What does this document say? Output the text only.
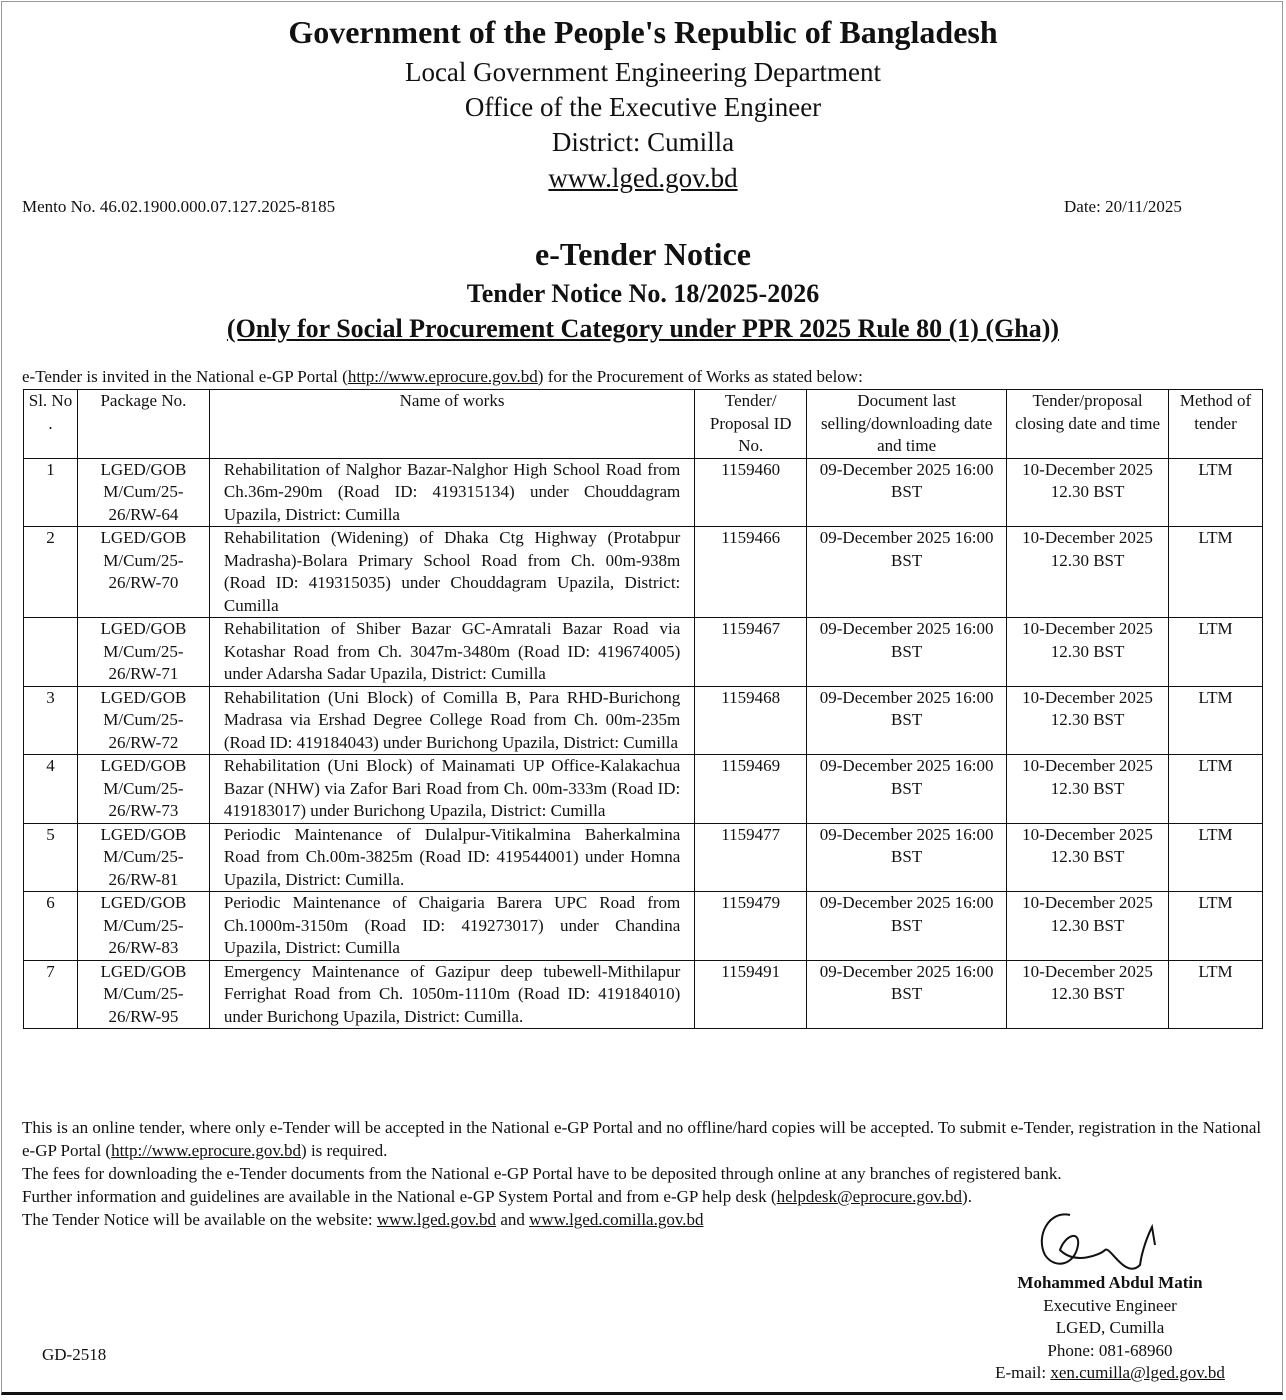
Government of the People's Republic of Bangladesh
Local Government Engineering Department
Office of the Executive Engineer
District: Cumilla
www.lged.gov.bd
Mento No. 46.02.1900.000.07.127.2025-8185	Date: 20/11/2025
e-Tender Notice
Tender Notice No. 18/2025-2026
(Only for Social Procurement Category under PPR 2025 Rule 80 (1) (Gha))
e-Tender is invited in the National e-GP Portal (http://www.eprocure.gov.bd) for the Procurement of Works as stated below:
Sl. No .	Package No.	Name of works	Tender/ Proposal ID No.	Document last selling/downloading date and time	Tender/proposal closing date and time	Method of tender
1	LGED/GOB M/Cum/25-26/RW-64	Rehabilitation of Nalghor Bazar-Nalghor High School Road from Ch.36m-290m (Road ID: 419315134) under Chouddagram Upazila, District: Cumilla	1159460	09-December 2025 16:00 BST	10-December 2025 12.30 BST	LTM
2	LGED/GOB M/Cum/25-26/RW-70	Rehabilitation (Widening) of Dhaka Ctg Highway (Protabpur Madrasha)-Bolara Primary School Road from Ch. 00m-938m (Road ID: 419315035) under Chouddagram Upazila, District: Cumilla	1159466	09-December 2025 16:00 BST	10-December 2025 12.30 BST	LTM
	LGED/GOB M/Cum/25-26/RW-71	Rehabilitation of Shiber Bazar GC-Amratali Bazar Road via Kotashar Road from Ch. 3047m-3480m (Road ID: 419674005) under Adarsha Sadar Upazila, District: Cumilla	1159467	09-December 2025 16:00 BST	10-December 2025 12.30 BST	LTM
3	LGED/GOB M/Cum/25-26/RW-72	Rehabilitation (Uni Block) of Comilla B, Para RHD-Burichong Madrasa via Ershad Degree College Road from Ch. 00m-235m (Road ID: 419184043) under Burichong Upazila, District: Cumilla	1159468	09-December 2025 16:00 BST	10-December 2025 12.30 BST	LTM
4	LGED/GOB M/Cum/25-26/RW-73	Rehabilitation (Uni Block) of Mainamati UP Office-Kalakachua Bazar (NHW) via Zafor Bari Road from Ch. 00m-333m (Road ID: 419183017) under Burichong Upazila, District: Cumilla	1159469	09-December 2025 16:00 BST	10-December 2025 12.30 BST	LTM
5	LGED/GOB M/Cum/25-26/RW-81	Periodic Maintenance of Dulalpur-Vitikalmina Baherkalmina Road from Ch.00m-3825m (Road ID: 419544001) under Homna Upazila, District: Cumilla.	1159477	09-December 2025 16:00 BST	10-December 2025 12.30 BST	LTM
6	LGED/GOB M/Cum/25-26/RW-83	Periodic Maintenance of Chaigaria Barera UPC Road from Ch.1000m-3150m (Road ID: 419273017) under Chandina Upazila, District: Cumilla	1159479	09-December 2025 16:00 BST	10-December 2025 12.30 BST	LTM
7	LGED/GOB M/Cum/25-26/RW-95	Emergency Maintenance of Gazipur deep tubewell-Mithilapur Ferrighat Road from Ch. 1050m-1110m (Road ID: 419184010) under Burichong Upazila, District: Cumilla.	1159491	09-December 2025 16:00 BST	10-December 2025 12.30 BST	LTM
This is an online tender, where only e-Tender will be accepted in the National e-GP Portal and no offline/hard copies will be accepted. To submit e-Tender, registration in the National e-GP Portal (http://www.eprocure.gov.bd) is required.
The fees for downloading the e-Tender documents from the National e-GP Portal have to be deposited through online at any branches of registered bank.
Further information and guidelines are available in the National e-GP System Portal and from e-GP help desk (helpdesk@eprocure.gov.bd).
The Tender Notice will be available on the website: www.lged.gov.bd and www.lged.comilla.gov.bd
Mohammed Abdul Matin
Executive Engineer
LGED, Cumilla
Phone: 081-68960
E-mail: xen.cumilla@lged.gov.bd
GD-2518
